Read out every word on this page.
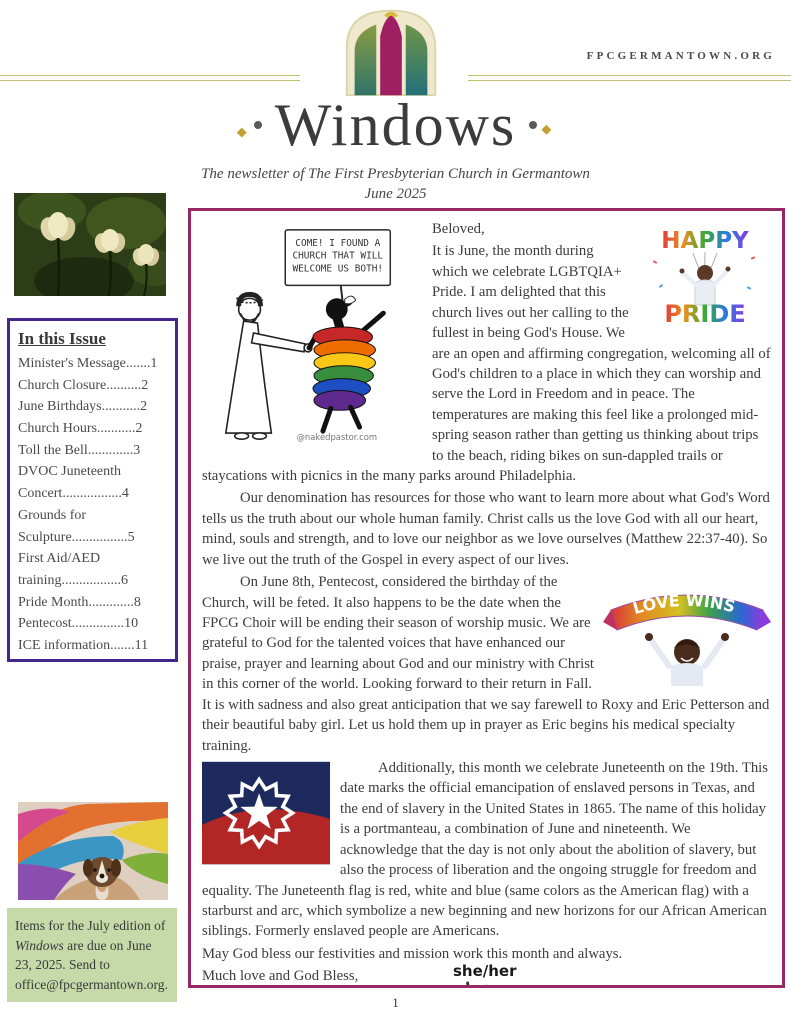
FPCGERMANTOWN.ORG
Windows
The newsletter of The First Presbyterian Church in Germantown
June 2025
In this Issue
Minister's Message.......1
Church Closure..........2
June Birthdays...........2
Church Hours...........2
Toll the Bell.............3
DVOC Juneteenth Concert.................4
Grounds for Sculpture................5
First Aid/AED training.................6
Pride Month.............8
Pentecost...............10
ICE information.......11
Items for the July edition of Windows are due on June 23, 2025. Send to office@fpcgermantown.org.
COME! I FOUND A
CHURCH THAT WILL
WELCOME US BOTH!
@nakedpastor.com
HAPPY
PRIDE

Beloved,

It is June, the month during which we celebrate LGBTQIA+ Pride. I am delighted that this church lives out her calling to the fullest in being God's House. We are an open and affirming congregation, welcoming all of God's children to a place in which they can worship and serve the Lord in Freedom and in peace. The temperatures are making this feel like a prolonged mid-spring season rather than getting us thinking about trips to the beach, riding bikes on sun-dappled trails or staycations with picnics in the many parks around Philadelphia.

Our denomination has resources for those who want to learn more about what God's Word tells us the truth about our whole human family. Christ calls us the love God with all our heart, mind, souls and strength, and to love our neighbor as we love ourselves (Matthew 22:37-40). So we live out the truth of the Gospel in every aspect of our lives.

LOVE WINS

On June 8th, Pentecost, considered the birthday of the Church, will be feted. It also happens to be the date when the FPCG Choir will be ending their season of worship music. We are grateful to God for the talented voices that have enhanced our praise, prayer and learning about God and our ministry with Christ in this corner of the world. Looking forward to their return in Fall. It is with sadness and also great anticipation that we say farewell to Roxy and Eric Petterson and their beautiful baby girl. Let us hold them up in prayer as Eric begins his medical specialty training.

Additionally, this month we celebrate Juneteenth on the 19th. This date marks the official emancipation of enslaved persons in Texas, and the end of slavery in the United States in 1865. The name of this holiday is a portmanteau, a combination of June and nineteenth. We acknowledge that the day is not only about the abolition of slavery, but also the process of liberation and the ongoing struggle for freedom and equality. The Juneteenth flag is red, white and blue (same colors as the American flag) with a starburst and arc, which symbolize a new beginning and new horizons for our African American siblings. Formerly enslaved people are Americans.

May God bless our festivities and mission work this month and always.

Much love and God Bless,	she/her
1
